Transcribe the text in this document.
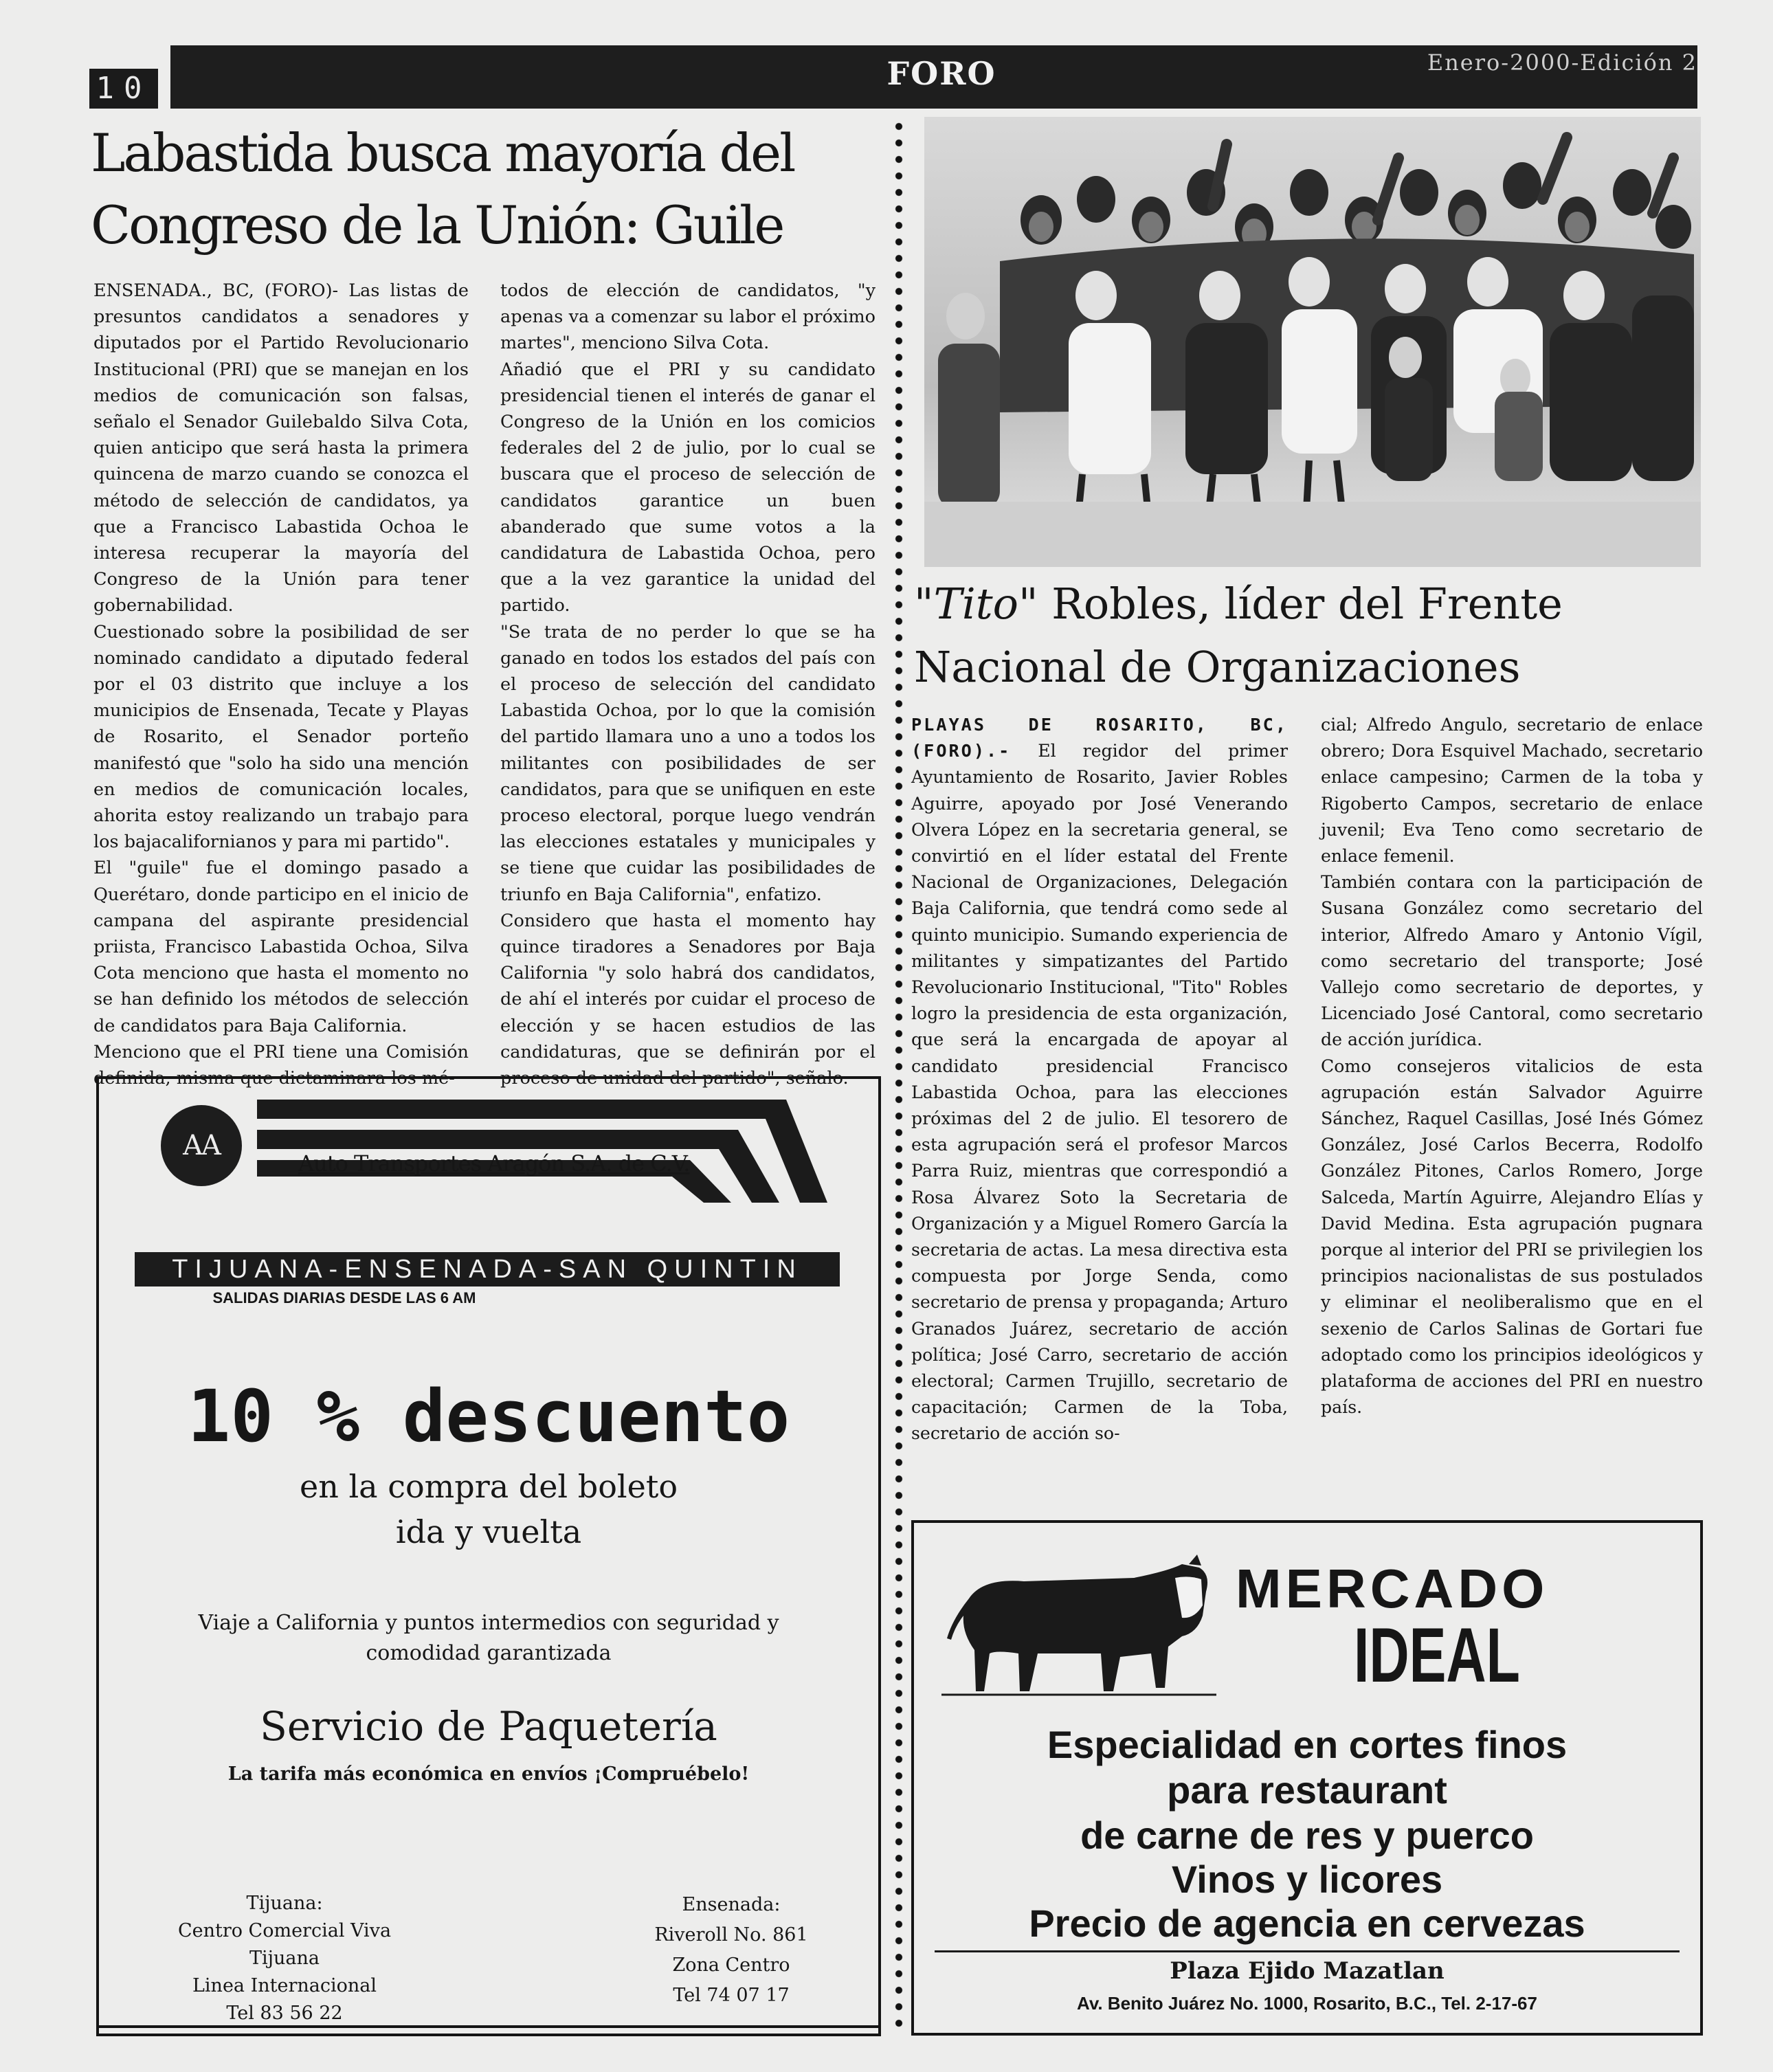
10	FORO	Enero-2000-Edición 2
Labastida busca mayoría del
Congreso de la Unión: Guile

ENSENADA., BC, (FORO)- Las listas de presuntos candidatos a senadores y diputados por el Partido Revolucionario Institucional (PRI) que se manejan en los medios de comunicación son falsas, señalo el Senador Guilebaldo Silva Cota, quien anticipo que será hasta la primera quincena de marzo cuando se conozca el método de selección de candidatos, ya que a Francisco Labastida Ochoa le interesa recuperar la mayoría del Congreso de la Unión para tener gobernabilidad.

Cuestionado sobre la posibilidad de ser nominado candidato a diputado federal por el 03 distrito que incluye a los municipios de Ensenada, Tecate y Playas de Rosarito, el Senador porteño manifestó que "solo ha sido una mención en medios de comunicación locales, ahorita estoy realizando un trabajo para los bajacalifornianos y para mi partido".

El "guile" fue el domingo pasado a Querétaro, donde participo en el inicio de campana del aspirante presidencial priista, Francisco Labastida Ochoa, Silva Cota menciono que hasta el momento no se han definido los métodos de selección de candidatos para Baja California.

Menciono que el PRI tiene una Comisión definida, misma que dictaminara los mé-

todos de elección de candidatos, "y apenas va a comenzar su labor el próximo martes", menciono Silva Cota.

Añadió que el PRI y su candidato presidencial tienen el interés de ganar el Congreso de la Unión en los comicios federales del 2 de julio, por lo cual se buscara que el proceso de selección de candidatos garantice un buen abanderado que sume votos a la candidatura de Labastida Ochoa, pero que a la vez garantice la unidad del partido.

"Se trata de no perder lo que se ha ganado en todos los estados del país con el proceso de selección del candidato Labastida Ochoa, por lo que la comisión del partido llamara uno a uno a todos los militantes con posibilidades de ser candidatos, para que se unifiquen en este proceso electoral, porque luego vendrán las elecciones estatales y municipales y se tiene que cuidar las posibilidades de triunfo en Baja California", enfatizo.

Considero que hasta el momento hay quince tiradores a Senadores por Baja California "y solo habrá dos candidatos, de ahí el interés por cuidar el proceso de elección y se hacen estudios de las candidaturas, que se definirán por el proceso de unidad del partido", señalo.

"Tito" Robles, líder del Frente
Nacional de Organizaciones

PLAYAS DE ROSARITO, BC, (FORO).- El regidor del primer Ayuntamiento de Rosarito, Javier Robles Aguirre, apoyado por José Venerando Olvera López en la secretaria general, se convirtió en el líder estatal del Frente Nacional de Organizaciones, Delegación Baja California, que tendrá como sede al quinto municipio. Sumando experiencia de militantes y simpatizantes del Partido Revolucionario Institucional, "Tito" Robles logro la presidencia de esta organización, que será la encargada de apoyar al candidato presidencial Francisco Labastida Ochoa, para las elecciones próximas del 2 de julio. El tesorero de esta agrupación será el profesor Marcos Parra Ruiz, mientras que correspondió a Rosa Álvarez Soto la Secretaria de Organización y a Miguel Romero García la secretaria de actas. La mesa directiva esta compuesta por Jorge Senda, como secretario de prensa y propaganda; Arturo Granados Juárez, secretario de acción política; José Carro, secretario de acción electoral; Carmen Trujillo, secretario de capacitación; Carmen de la Toba, secretario de acción so-

cial; Alfredo Angulo, secretario de enlace obrero; Dora Esquivel Machado, secretario enlace campesino; Carmen de la toba y Rigoberto Campos, secretario de enlace juvenil; Eva Teno como secretario de enlace femenil.

También contara con la participación de Susana González como secretario del interior, Alfredo Amaro y Antonio Vígil, como secretario del transporte; José Vallejo como secretario de deportes, y Licenciado José Cantoral, como secretario de acción jurídica.

Como consejeros vitalicios de esta agrupación están Salvador Aguirre Sánchez, Raquel Casillas, José Inés Gómez González, José Carlos Becerra, Rodolfo González Pitones, Carlos Romero, Jorge Salceda, Martín Aguirre, Alejandro Elías y David Medina. Esta agrupación pugnara porque al interior del PRI se privilegien los principios nacionalistas de sus postulados y eliminar el neoliberalismo que en el sexenio de Carlos Salinas de Gortari fue adoptado como los principios ideológicos y plataforma de acciones del PRI en nuestro país.

AA
Auto Transportes Aragón S.A. de C.V.
TIJUANA-ENSENADA-SAN QUINTIN
SALIDAS DIARIAS DESDE LAS 6 AM
10 % descuento
en la compra del boleto
ida y vuelta
Viaje a California y puntos intermedios con seguridad y
comodidad garantizada
Servicio de Paquetería
La tarifa más económica en envíos ¡Compruébelo!
Tijuana:
Centro Comercial Viva Tijuana
Linea Internacional
Tel 83 56 22
Ensenada:
Riveroll No. 861
Zona Centro
Tel 74 07 17
MERCADO
IDEAL
Especialidad en cortes finos
para restaurant
de carne de res y puerco
Vinos y licores
Precio de agencia en cervezas
Plaza Ejido Mazatlan
Av. Benito Juárez No. 1000, Rosarito, B.C., Tel. 2-17-67
